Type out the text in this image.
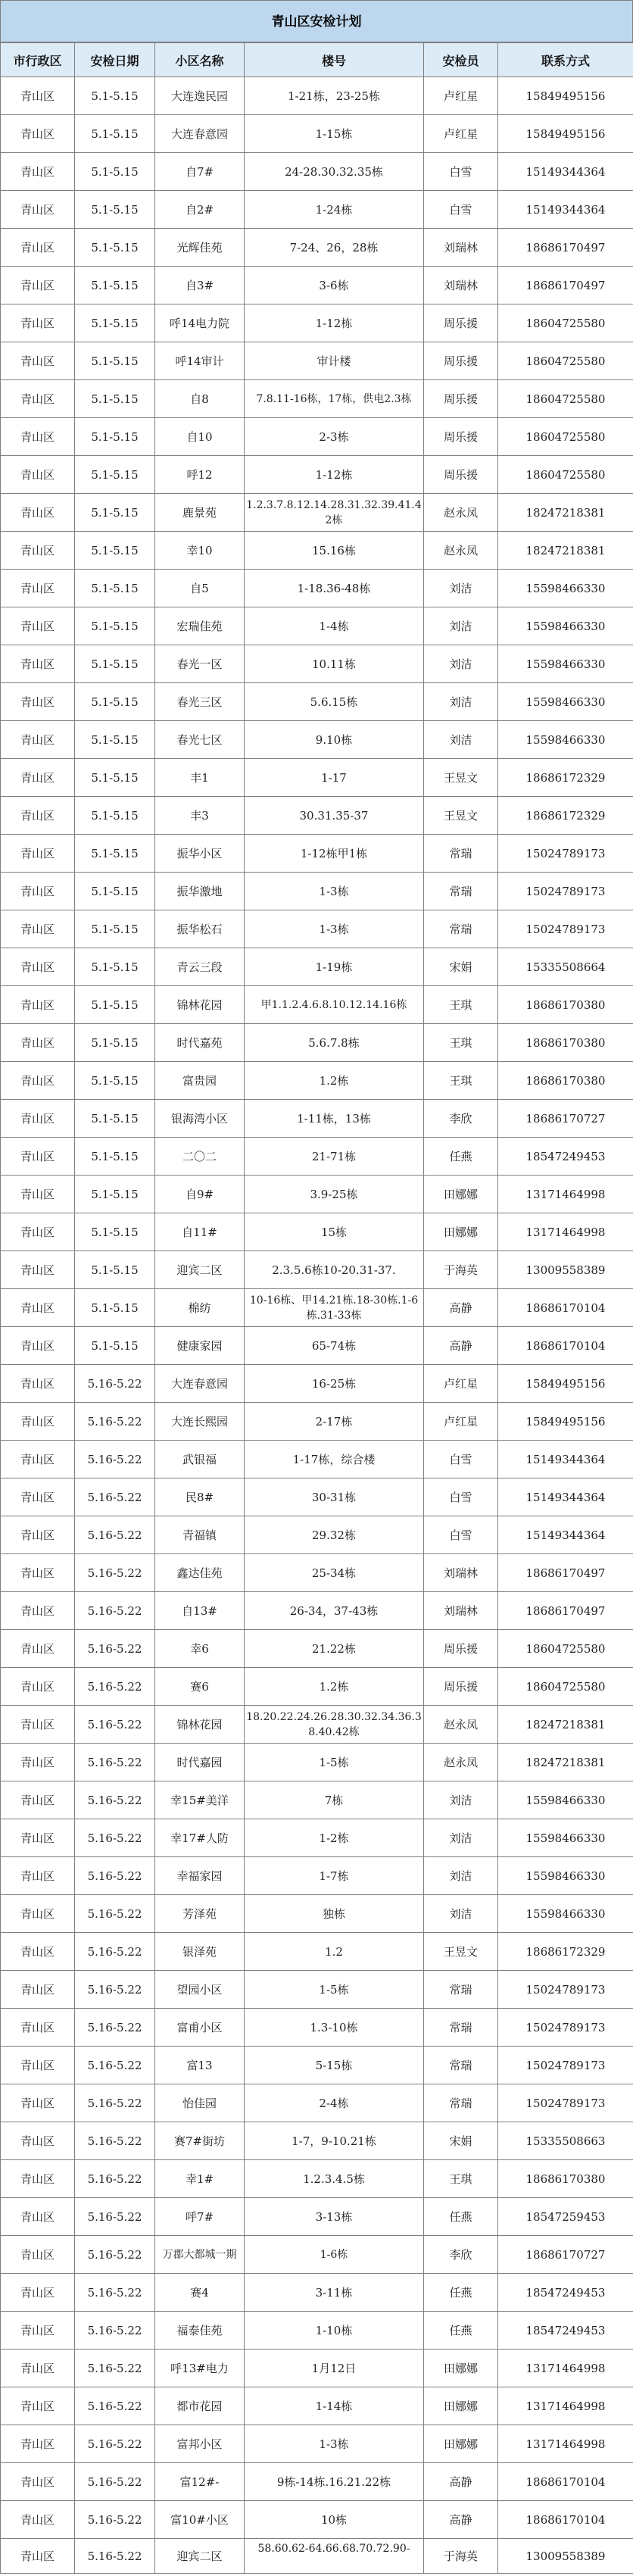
青山区安检计划
市行政区	安检日期	小区名称	楼号	安检员	联系方式
青山区	5.1-5.15	大连逸民园	1-21栋，23-25栋	卢红星	15849495156
青山区	5.1-5.15	大连春意园	1-15栋	卢红星	15849495156
青山区	5.1-5.15	自7#	24-28.30.32.35栋	白雪	15149344364
青山区	5.1-5.15	自2#	1-24栋	白雪	15149344364
青山区	5.1-5.15	光辉佳苑	7-24、26，28栋	刘瑞林	18686170497
青山区	5.1-5.15	自3#	3-6栋	刘瑞林	18686170497
青山区	5.1-5.15	呼14电力院	1-12栋	周乐援	18604725580
青山区	5.1-5.15	呼14审计	审计楼	周乐援	18604725580
青山区	5.1-5.15	自8	7.8.11-16栋，17栋，供电2.3栋	周乐援	18604725580
青山区	5.1-5.15	自10	2-3栋	周乐援	18604725580
青山区	5.1-5.15	呼12	1-12栋	周乐援	18604725580
青山区	5.1-5.15	鹿景苑	1.2.3.7.8.12.14.28.31.32.39.41.42栋	赵永凤	18247218381
青山区	5.1-5.15	幸10	15.16栋	赵永凤	18247218381
青山区	5.1-5.15	自5	1-18.36-48栋	刘洁	15598466330
青山区	5.1-5.15	宏瑞佳苑	1-4栋	刘洁	15598466330
青山区	5.1-5.15	春光一区	10.11栋	刘洁	15598466330
青山区	5.1-5.15	春光三区	5.6.15栋	刘洁	15598466330
青山区	5.1-5.15	春光七区	9.10栋	刘洁	15598466330
青山区	5.1-5.15	丰1	1-17	王昱文	18686172329
青山区	5.1-5.15	丰3	30.31.35-37	王昱文	18686172329
青山区	5.1-5.15	振华小区	1-12栋甲1栋	常瑞	15024789173
青山区	5.1-5.15	振华激地	1-3栋	常瑞	15024789173
青山区	5.1-5.15	振华松石	1-3栋	常瑞	15024789173
青山区	5.1-5.15	青云三段	1-19栋	宋娟	15335508664
青山区	5.1-5.15	锦林花园	甲1.1.2.4.6.8.10.12.14.16栋	王琪	18686170380
青山区	5.1-5.15	时代嘉苑	5.6.7.8栋	王琪	18686170380
青山区	5.1-5.15	富贵园	1.2栋	王琪	18686170380
青山区	5.1-5.15	银海湾小区	1-11栋，13栋	李欣	18686170727
青山区	5.1-5.15	二〇二	21-71栋	任燕	18547249453
青山区	5.1-5.15	自9#	3.9-25栋	田娜娜	13171464998
青山区	5.1-5.15	自11#	15栋	田娜娜	13171464998
青山区	5.1-5.15	迎宾二区	2.3.5.6栋10-20.31-37.	于海英	13009558389
青山区	5.1-5.15	棉纺	10-16栋、甲14.21栋.18-30栋.1-6栋.31-33栋	高静	18686170104
青山区	5.1-5.15	健康家园	65-74栋	高静	18686170104
青山区	5.16-5.22	大连春意园	16-25栋	卢红星	15849495156
青山区	5.16-5.22	大连长熙园	2-17栋	卢红星	15849495156
青山区	5.16-5.22	武银福	1-17栋，综合楼	白雪	15149344364
青山区	5.16-5.22	民8#	30-31栋	白雪	15149344364
青山区	5.16-5.22	青福镇	29.32栋	白雪	15149344364
青山区	5.16-5.22	鑫达佳苑	25-34栋	刘瑞林	18686170497
青山区	5.16-5.22	自13#	26-34，37-43栋	刘瑞林	18686170497
青山区	5.16-5.22	幸6	21.22栋	周乐援	18604725580
青山区	5.16-5.22	赛6	1.2栋	周乐援	18604725580
青山区	5.16-5.22	锦林花园	18.20.22.24.26.28.30.32.34.36.38.40.42栋	赵永凤	18247218381
青山区	5.16-5.22	时代嘉园	1-5栋	赵永凤	18247218381
青山区	5.16-5.22	幸15#美洋	7栋	刘洁	15598466330
青山区	5.16-5.22	幸17#人防	1-2栋	刘洁	15598466330
青山区	5.16-5.22	幸福家园	1-7栋	刘洁	15598466330
青山区	5.16-5.22	芳泽苑	独栋	刘洁	15598466330
青山区	5.16-5.22	银泽苑	1.2	王昱文	18686172329
青山区	5.16-5.22	望园小区	1-5栋	常瑞	15024789173
青山区	5.16-5.22	富甫小区	1.3-10栋	常瑞	15024789173
青山区	5.16-5.22	富13	5-15栋	常瑞	15024789173
青山区	5.16-5.22	怡佳园	2-4栋	常瑞	15024789173
青山区	5.16-5.22	赛7#街坊	1-7，9-10.21栋	宋娟	15335508663
青山区	5.16-5.22	幸1#	1.2.3.4.5栋	王琪	18686170380
青山区	5.16-5.22	呼7#	3-13栋	任燕	18547259453
青山区	5.16-5.22	万郡大都城一期	1-6栋	李欣	18686170727
青山区	5.16-5.22	赛4	3-11栋	任燕	18547249453
青山区	5.16-5.22	福泰佳苑	1-10栋	任燕	18547249453
青山区	5.16-5.22	呼13#电力	1月12日	田娜娜	13171464998
青山区	5.16-5.22	都市花园	1-14栋	田娜娜	13171464998
青山区	5.16-5.22	富邦小区	1-3栋	田娜娜	13171464998
青山区	5.16-5.22	富12#-	9栋-14栋.16.21.22栋	高静	18686170104
青山区	5.16-5.22	富10#小区	10栋	高静	18686170104
青山区	5.16-5.22	迎宾二区	58.60.62-64.66.68.70.72.90-	于海英	13009558389
